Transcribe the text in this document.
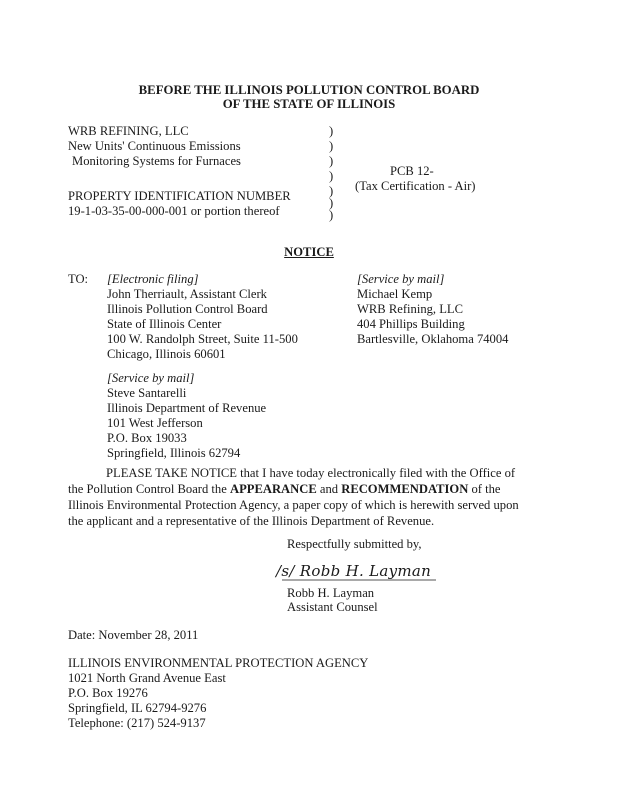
BEFORE THE ILLINOIS POLLUTION CONTROL BOARD
OF THE STATE OF ILLINOIS
WRB REFINING, LLC
New Units' Continuous Emissions
Monitoring Systems for Furnaces
PROPERTY IDENTIFICATION NUMBER
19-1-03-35-00-000-001 or portion thereof
)
)
)
)
)
)
)
PCB 12-
(Tax Certification - Air)
NOTICE
TO: [Electronic filing]
John Therriault, Assistant Clerk
Illinois Pollution Control Board
State of Illinois Center
100 W. Randolph Street, Suite 11-500
Chicago, Illinois 60601
[Service by mail]
Michael Kemp
WRB Refining, LLC
404 Phillips Building
Bartlesville, Oklahoma 74004
[Service by mail]
Steve Santarelli
Illinois Department of Revenue
101 West Jefferson
P.O. Box 19033
Springfield, Illinois 62794
PLEASE TAKE NOTICE that I have today electronically filed with the Office of the Pollution Control Board the APPEARANCE and RECOMMENDATION of the Illinois Environmental Protection Agency, a paper copy of which is herewith served upon the applicant and a representative of the Illinois Department of Revenue.
Respectfully submitted by,
/s/ Robb H. Layman
Robb H. Layman
Assistant Counsel
Date: November 28, 2011
ILLINOIS ENVIRONMENTAL PROTECTION AGENCY
1021 North Grand Avenue East
P.O. Box 19276
Springfield, IL 62794-9276
Telephone: (217) 524-9137
